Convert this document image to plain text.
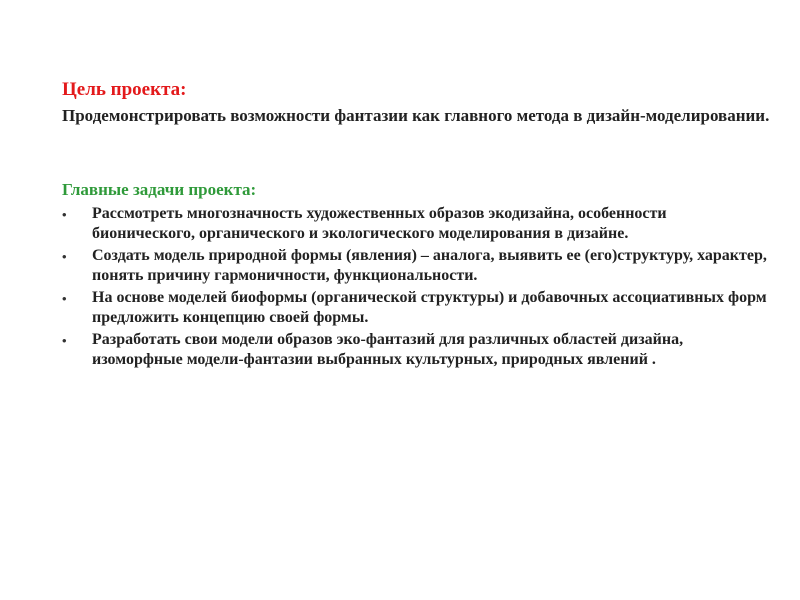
Цель проекта:
Продемонстрировать возможности фантазии как главного метода в дизайн-моделировании.
Главные задачи проекта:
• Рассмотреть многозначность художественных образов экодизайна, особенности бионического, органического и экологического моделирования в дизайне.
• Создать модель природной формы (явления) – аналога, выявить ее (его)структуру, характер, понять причину гармоничности, функциональности.
• На основе моделей биоформы (органической структуры) и добавочных ассоциативных форм предложить концепцию своей формы.
• Разработать свои модели образов эко-фантазий для различных областей дизайна, изоморфные модели-фантазии выбранных культурных, природных явлений .
